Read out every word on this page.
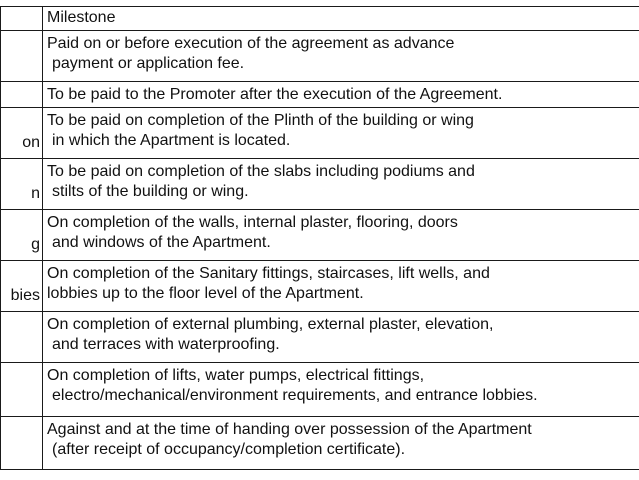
	Milestone

	Paid on or before execution of the agreement as advance
payment or application fee.

	To be paid to the Promoter after the execution of the Agreement.

on	To be paid on completion of the Plinth of the building or wing
in which the Apartment is located.

n	To be paid on completion of the slabs including podiums and
stilts of the building or wing.

g	On completion of the walls, internal plaster, flooring, doors
and windows of the Apartment.

bies	On completion of the Sanitary fittings, staircases, lift wells, and
lobbies up to the floor level of the Apartment.

	On completion of external plumbing, external plaster, elevation,
and terraces with waterproofing.

	On completion of lifts, water pumps, electrical fittings,
electro/mechanical/environment requirements, and entrance lobbies.

	Against and at the time of handing over possession of the Apartment
(after receipt of occupancy/completion certificate).
